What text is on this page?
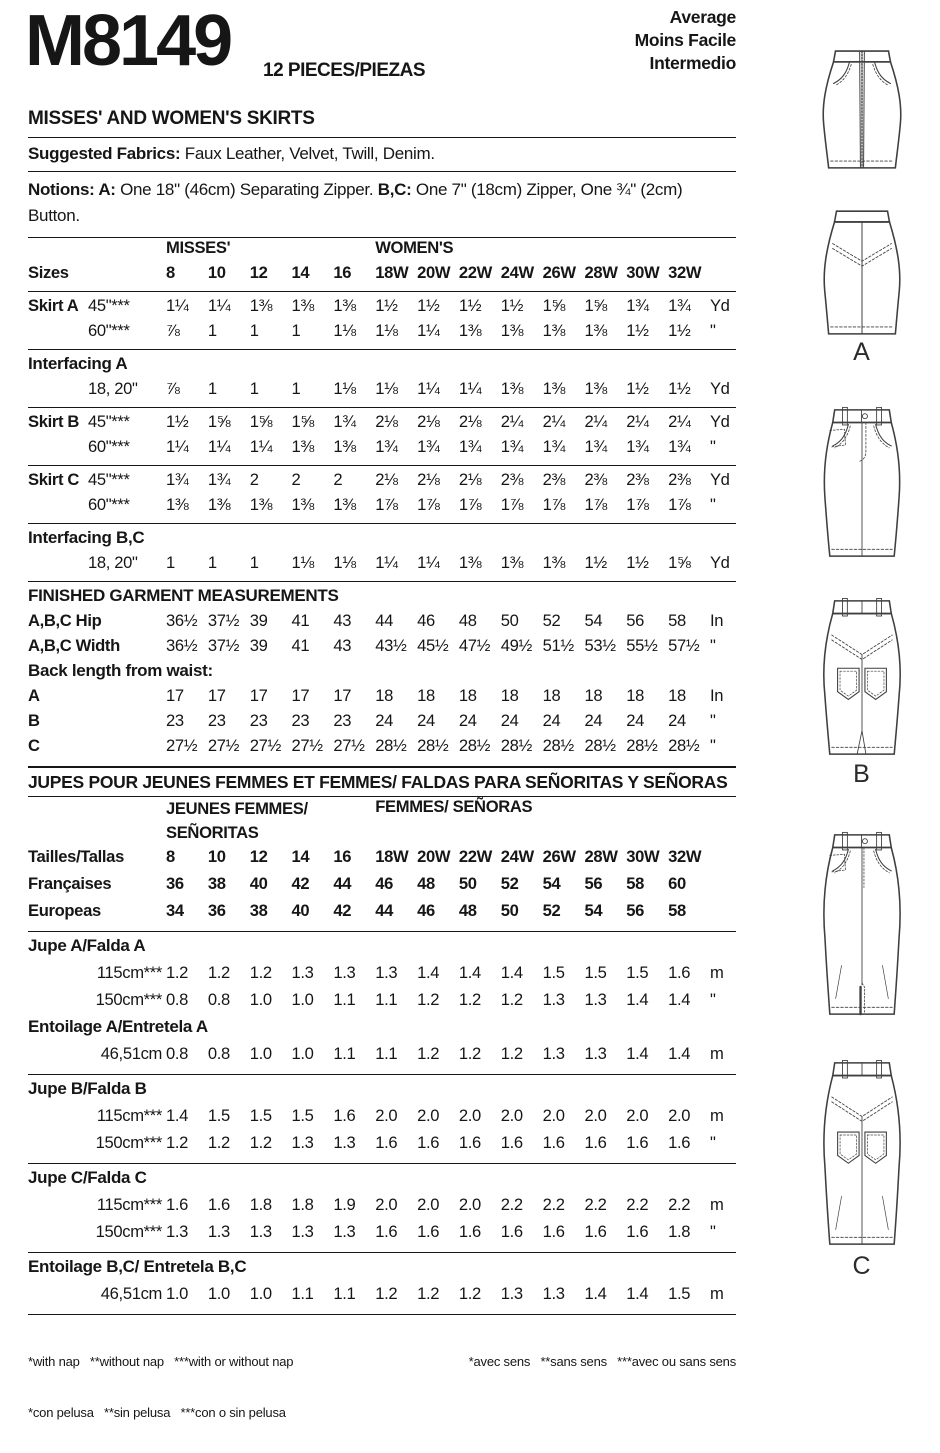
M8149 12 PIECES/PIEZAS
Average
Moins Facile
Intermedio
MISSES' AND WOMEN'S SKIRTS
Suggested Fabrics: Faux Leather, Velvet, Twill, Denim.
Notions: A: One 18" (46cm) Separating Zipper. B,C: One 7" (18cm) Zipper, One ¾" (2cm) Button.
MISSES'	WOMEN'S
Sizes	8	10	12	14	16	18W 20W 22W 24W 26W 28W 30W 32W
Skirt A 45"***	1¼	1¼	1⅜	1⅜	1⅜	1½	1½	1½	1½	1⅝	1⅝	1¾	1¾	Yd
60"***	⅞	1	1	1	1⅛	1⅛	1¼	1⅜	1⅜	1⅜	1⅜	1½	1½	"
Interfacing A
18, 20"	⅞	1	1	1	1⅛	1⅛	1¼	1¼	1⅜	1⅜	1⅜	1½	1½	Yd
Skirt B 45"***	1½	1⅝	1⅝	1⅝	1¾	2⅛	2⅛	2⅛	2¼	2¼	2¼	2¼	2¼	Yd
60"***	1¼	1¼	1¼	1⅜	1⅜	1¾	1¾	1¾	1¾	1¾	1¾	1¾	1¾	"
Skirt C 45"***	1¾	1¾	2	2	2	2⅛	2⅛	2⅛	2⅜	2⅜	2⅜	2⅜	2⅜	Yd
60"***	1⅜	1⅜	1⅜	1⅜	1⅜	1⅞	1⅞	1⅞	1⅞	1⅞	1⅞	1⅞	1⅞	"
Interfacing B,C
18, 20"	1	1	1	1⅛	1⅛	1¼	1¼	1⅜	1⅜	1⅜	1½	1½	1⅝	Yd
FINISHED GARMENT MEASUREMENTS
A,B,C Hip	36½ 37½ 39	41	43	44	46	48	50	52	54	56	58	In
A,B,C Width	36½ 37½ 39	41	43	43½ 45½ 47½ 49½ 51½ 53½ 55½ 57½ "
Back length from waist:
A	17	17	17	17	17	18	18	18	18	18	18	18	18	In
B	23	23	23	23	23	24	24	24	24	24	24	24	24	"
C	27½ 27½ 27½ 27½ 27½ 28½ 28½ 28½ 28½ 28½ 28½ 28½ 28½ "
JUPES POUR JEUNES FEMMES ET FEMMES/ FALDAS PARA SEÑORITAS Y SEÑORAS
JEUNES FEMMES/
SEÑORITAS
FEMMES/ SEÑORAS
Tailles/Tallas	8	10	12	14	16	18W 20W 22W 24W 26W 28W 30W 32W
Françaises	36	38	40	42	44	46	48	50	52	54	56	58	60
Europeas	34	36	38	40	42	44	46	48	50	52	54	56	58
Jupe A/Falda A
115cm*** 1.2	1.2	1.2	1.3	1.3	1.3	1.4	1.4	1.4	1.5	1.5	1.5	1.6	m
150cm*** 0.8	0.8	1.0	1.0	1.1	1.1	1.2	1.2	1.2	1.3	1.3	1.4	1.4	"
Entoilage A/Entretela A
46,51cm 0.8	0.8	1.0	1.0	1.1	1.1	1.2	1.2	1.2	1.3	1.3	1.4	1.4	m
Jupe B/Falda B
115cm*** 1.4	1.5	1.5	1.5	1.6	2.0	2.0	2.0	2.0	2.0	2.0	2.0	2.0	m
150cm*** 1.2	1.2	1.2	1.3	1.3	1.6	1.6	1.6	1.6	1.6	1.6	1.6	1.6	"
Jupe C/Falda C
115cm*** 1.6	1.6	1.8	1.8	1.9	2.0	2.0	2.0	2.2	2.2	2.2	2.2	2.2	m
150cm*** 1.3	1.3	1.3	1.3	1.3	1.6	1.6	1.6	1.6	1.6	1.6	1.6	1.8	"
Entoilage B,C/ Entretela B,C
46,51cm 1.0	1.0	1.0	1.1	1.1	1.2	1.2	1.2	1.3	1.3	1.4	1.4	1.5	m

*with nap   **without nap   ***with or without nap	*avec sens   **sans sens   ***avec ou sans sens

*con pelusa   **sin pelusa   ***con o sin pelusa

A
B
C
